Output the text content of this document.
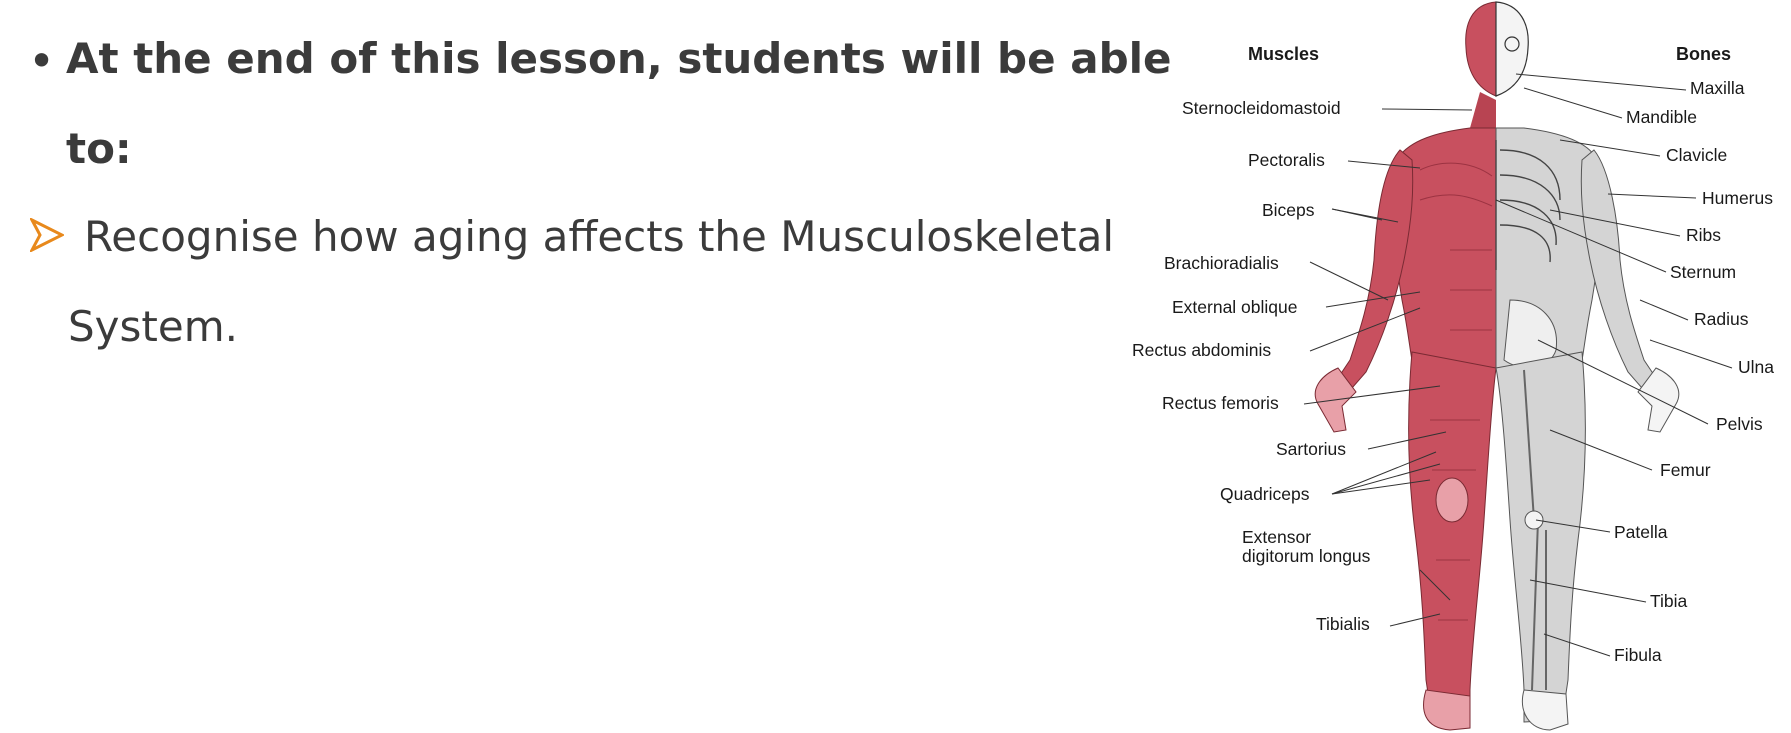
• At the end of this lesson, students will be able
to:
Recognise how aging affects the Musculoskeletal
System.
Muscles	Bones
Sternocleidomastoid
Pectoralis
Biceps
Brachioradialis
External oblique
Rectus abdominis
Rectus femoris
Sartorius
Quadriceps
Extensor
digitorum longus
Tibialis
Maxilla
Mandible
Clavicle
Humerus
Ribs
Sternum
Radius
Ulna
Pelvis
Femur
Patella
Tibia
Fibula
